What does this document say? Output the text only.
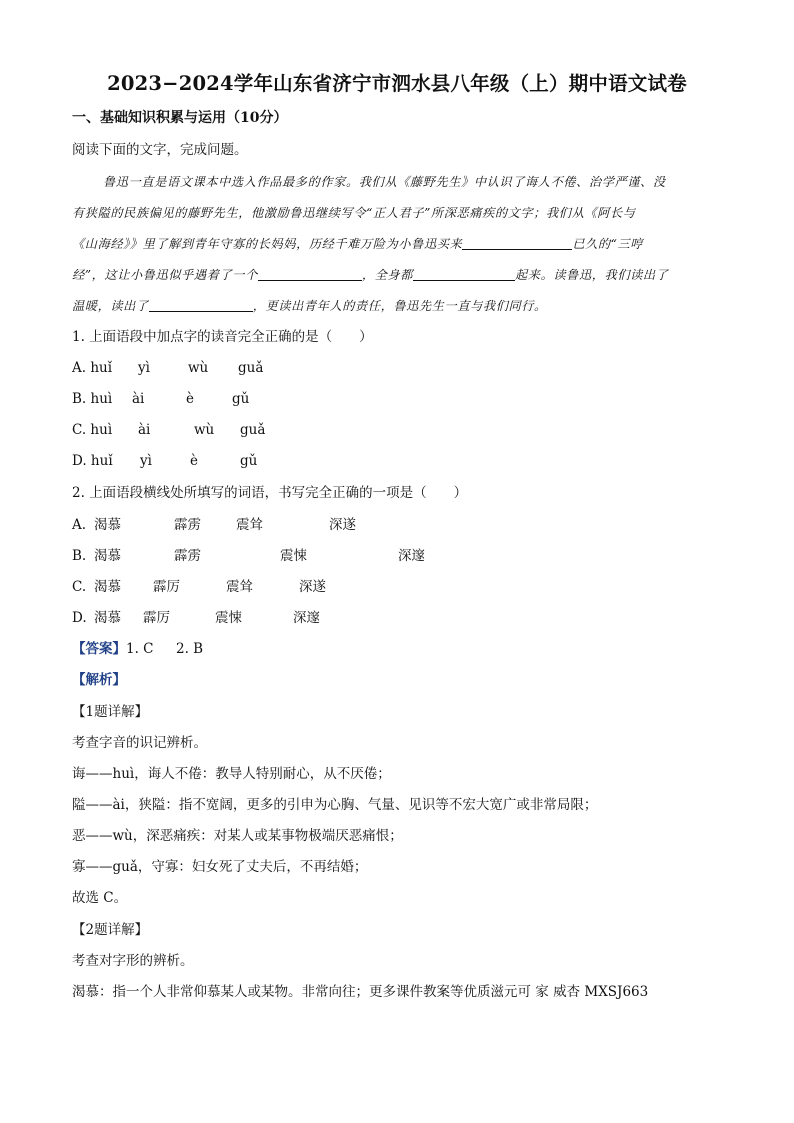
2023−2024学年山东省济宁市泗水县八年级（上）期中语文试卷
一、基础知识积累与运用（10分）
阅读下面的文字，完成问题。
鲁迅一直是语文课本中选入作品最多的作家。我们从《藤野先生》中认识了诲人不倦、治学严谨、没
有狭隘的民族偏见的藤野先生，他激励鲁迅继续写令“正人君子”所深恶痛疾的文字；我们从《阿长与
《山海经》》里了解到青年守寡的长妈妈，历经千难万险为小鲁迅买来	已久的“三哼
经”，这让小鲁迅似乎遇着了一个	，全身都	起来。读鲁迅，我们读出了
温暖，读出了	，更读出青年人的责任，鲁迅先生一直与我们同行。
1. 上面语段中加点字的读音完全正确的是（　　）
A. huǐ yì	wù guǎ
B. huì ài	è	gǔ
C. huì ài	wù guǎ
D. huǐ yì	è	gǔ
2. 上面语段横线处所填写的词语，书写完全正确的一项是（　　）
A. 渴慕	霹雳	震耸	深遂
B. 渴慕	霹雳	震悚	深邃
C. 渴慕 霹厉	震耸	深遂
D. 渴慕 霹厉	震悚	深邃
【答案】1. C 2. B
【解析】
【1题详解】
考查字音的识记辨析。
诲——huì，诲人不倦：教导人特别耐心，从不厌倦；
隘——ài，狭隘：指不宽阔，更多的引申为心胸、气量、见识等不宏大宽广或非常局限；
恶——wù，深恶痛疾：对某人或某事物极端厌恶痛恨；
寡——guǎ，守寡：妇女死了丈夫后，不再结婚；
故选 C。
【2题详解】
考查对字形的辨析。
渴慕：指一个人非常仰慕某人或某物。非常向往；更多课件教案等优质滋元可 家 威杏 MXSJ663
